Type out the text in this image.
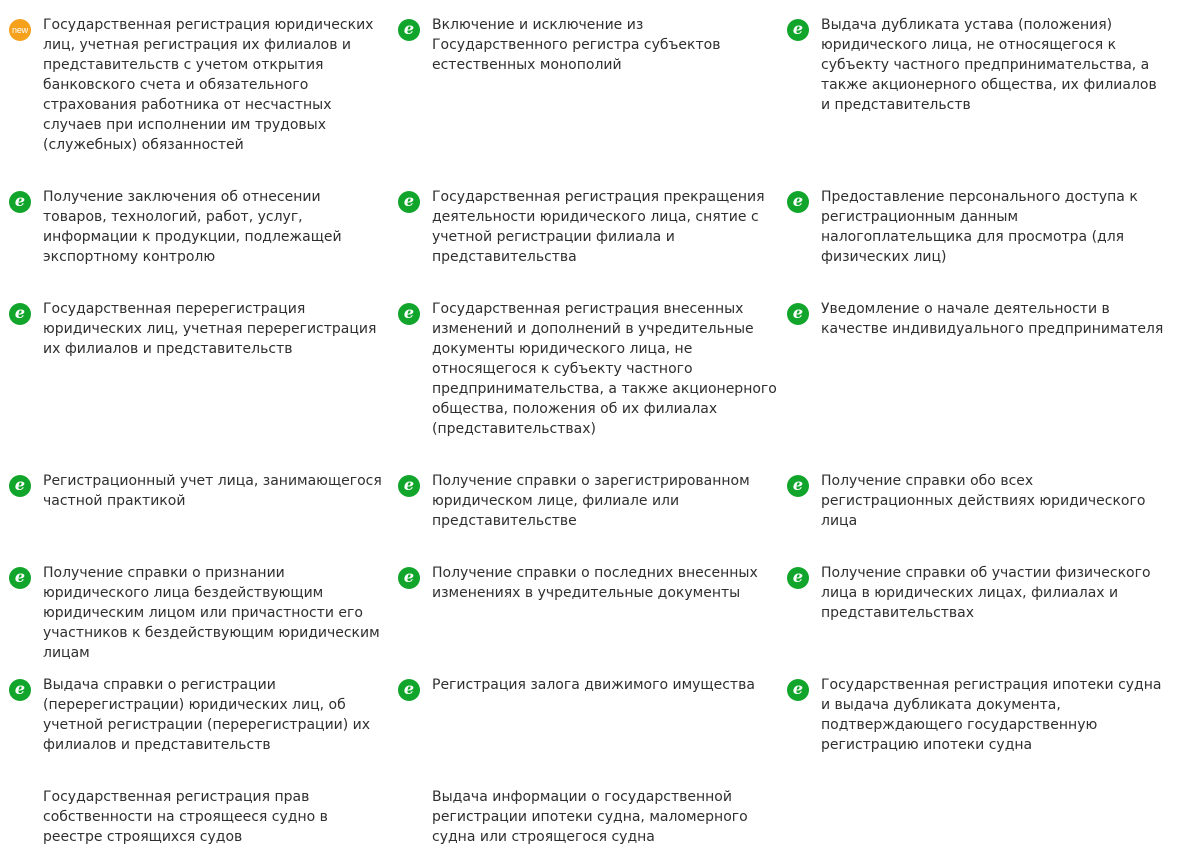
new Государственная регистрация юридических лиц, учетная регистрация их филиалов и представительств с учетом открытия банковского счета и обязательного страхования работника от несчастных случаев при исполнении им трудовых (служебных) обязанностей
e Включение и исключение из Государственного регистра субъектов естественных монополий
e Выдача дубликата устава (положения) юридического лица, не относящегося к субъекту частного предпринимательства, а также акционерного общества, их филиалов и представительств
e Получение заключения об отнесении товаров, технологий, работ, услуг, информации к продукции, подлежащей экспортному контролю
e Государственная регистрация прекращения деятельности юридического лица, снятие с учетной регистрации филиала и представительства
e Предоставление персонального доступа к регистрационным данным налогоплательщика для просмотра (для физических лиц)
e Государственная перерегистрация юридических лиц, учетная перерегистрация их филиалов и представительств
e Государственная регистрация внесенных изменений и дополнений в учредительные документы юридического лица, не относящегося к субъекту частного предпринимательства, а также акционерного общества, положения об их филиалах (представительствах)
e Уведомление о начале деятельности в качестве индивидуального предпринимателя
e Регистрационный учет лица, занимающегося частной практикой
e Получение справки о зарегистрированном юридическом лице, филиале или представительстве
e Получение справки обо всех регистрационных действиях юридического лица
e Получение справки о признании юридического лица бездействующим юридическим лицом или причастности его участников к бездействующим юридическим лицам
e Получение справки о последних внесенных изменениях в учредительные документы
e Получение справки об участии физического лица в юридических лицах, филиалах и представительствах
e Выдача справки о регистрации (перерегистрации) юридических лиц, об учетной регистрации (перерегистрации) их филиалов и представительств
e Регистрация залога движимого имущества	e Государственная регистрация ипотеки судна и выдача дубликата документа, подтверждающего государственную регистрацию ипотеки судна
Государственная регистрация прав собственности на строящееся судно в реестре строящихся судов
Выдача информации о государственной регистрации ипотеки судна, маломерного судна или строящегося судна
